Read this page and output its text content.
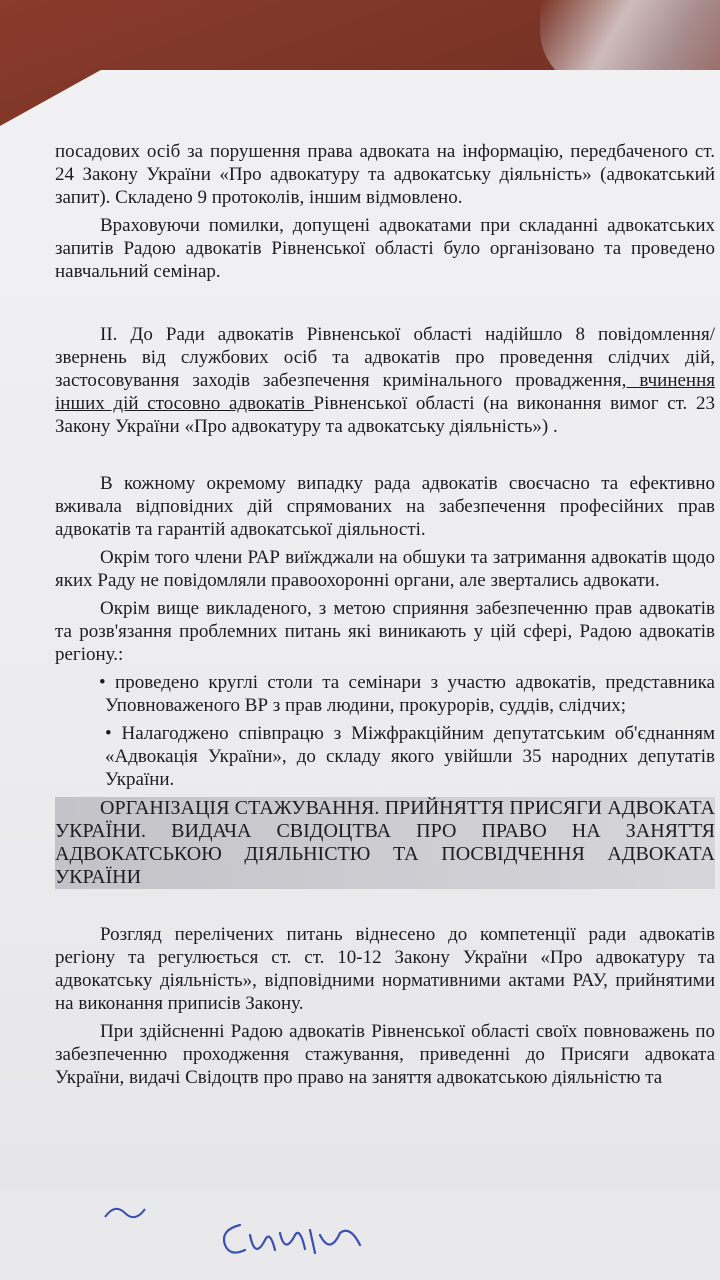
посадових осіб за порушення права адвоката на інформацію, передбаченого ст. 24 Закону України «Про адвокатуру та адвокатську діяльність» (адвокатський запит). Складено 9 протоколів, іншим відмовлено.

Враховуючи помилки, допущені адвокатами при складанні адвокатських запитів Радою адвокатів Рівненської області було організовано та проведено навчальний семінар.

ІІ. До Ради адвокатів Рівненської області надійшло 8 повідомлення/звернень від службових осіб та адвокатів про проведення слідчих дій, застосовування заходів забезпечення кримінального провадження, вчинення інших дій стосовно адвокатів Рівненської області (на виконання вимог ст. 23 Закону України «Про адвокатуру та адвокатську діяльність») .

В кожному окремому випадку рада адвокатів своєчасно та ефективно вживала відповідних дій спрямованих на забезпечення професійних прав адвокатів та гарантій адвокатської діяльності.

Окрім того члени РАР виїжджали на обшуки та затримання адвокатів щодо яких Раду не повідомляли правоохоронні органи, але звертались адвокати.

Окрім вище викладеного, з метою сприяння забезпеченню прав адвокатів та розв'язання проблемних питань які виникають у цій сфері, Радою адвокатів регіону.:

• проведено круглі столи та семінари з участю адвокатів, представника Уповноваженого ВР з прав людини, прокурорів, суддів, слідчих;

• Налагоджено співпрацю з Міжфракційним депутатським об'єднанням «Адвокація України», до складу якого увійшли 35 народних депутатів України.

ОРГАНІЗАЦІЯ СТАЖУВАННЯ. ПРИЙНЯТТЯ ПРИСЯГИ АДВОКАТА УКРАЇНИ. ВИДАЧА СВІДОЦТВА ПРО ПРАВО НА ЗАНЯТТЯ АДВОКАТСЬКОЮ ДІЯЛЬНІСТЮ ТА ПОСВІДЧЕННЯ АДВОКАТА УКРАЇНИ

Розгляд перелічених питань віднесено до компетенції ради адвокатів регіону та регулюється ст. ст. 10-12 Закону України «Про адвокатуру та адвокатську діяльність», відповідними нормативними актами РАУ, прийнятими на виконання приписів Закону.

При здійсненні Радою адвокатів Рівненської області своїх повноважень по забезпеченню проходження стажування, приведенні до Присяги адвоката України, видачі Свідоцтв про право на заняття адвокатською діяльністю та
